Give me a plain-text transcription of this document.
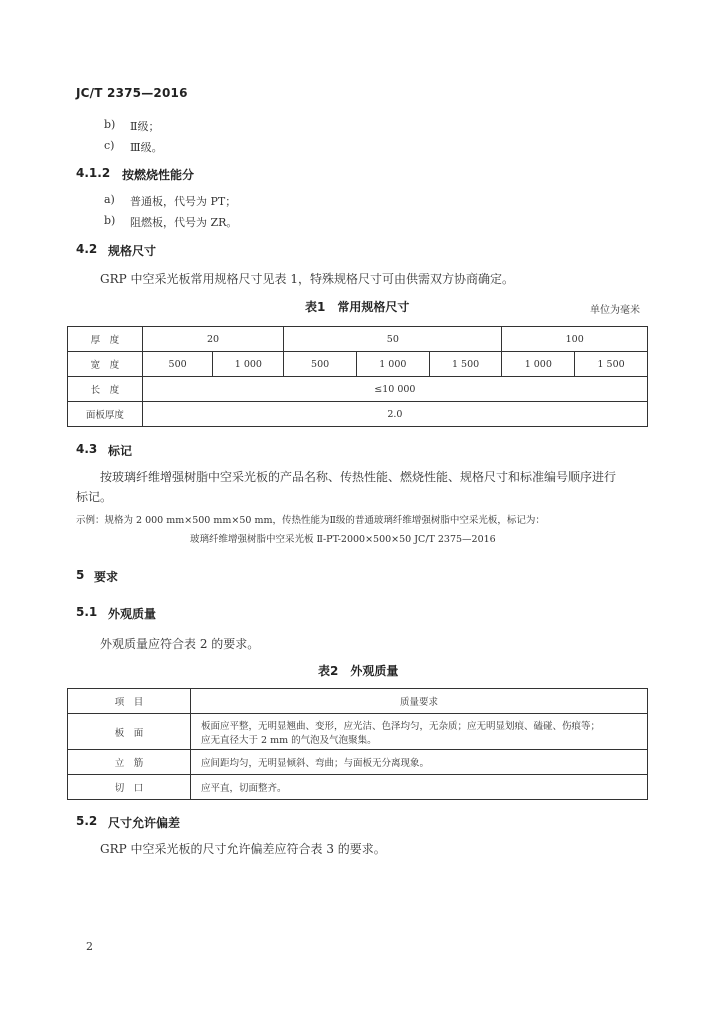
JC/T 2375—2016
b) Ⅱ级；
c) Ⅲ级。
4.1.2 按燃烧性能分
a) 普通板，代号为 PT；
b) 阻燃板，代号为 ZR。
4.2 规格尺寸
GRP 中空采光板常用规格尺寸见表 1，特殊规格尺寸可由供需双方协商确定。
表1　常用规格尺寸	单位为毫米
厚　度	20		50			100	
宽　度	500	1 000	500	1 000	1 500	1 000	1 500
长　度	≤10 000						
面板厚度	2.0						
4.3 标记
按玻璃纤维增强树脂中空采光板的产品名称、传热性能、燃烧性能、规格尺寸和标准编号顺序进行
标记。
示例：规格为 2 000 mm×500 mm×50 mm，传热性能为Ⅱ级的普通玻璃纤维增强树脂中空采光板，标记为：
玻璃纤维增强树脂中空采光板 Ⅱ-PT-2000×500×50 JC/T 2375—2016
5 要求
5.1 外观质量
外观质量应符合表 2 的要求。
表2　外观质量
项　目	质量要求
板　面	板面应平整，无明显翘曲、变形，应光洁、色泽均匀，无杂质；应无明显划痕、磕碰、伤痕等；
应无直径大于 2 mm 的气泡及气泡聚集。

立　筋	应间距均匀，无明显倾斜、弯曲；与面板无分离现象。
切　口	应平直，切面整齐。
5.2 尺寸允许偏差
GRP 中空采光板的尺寸允许偏差应符合表 3 的要求。
2
